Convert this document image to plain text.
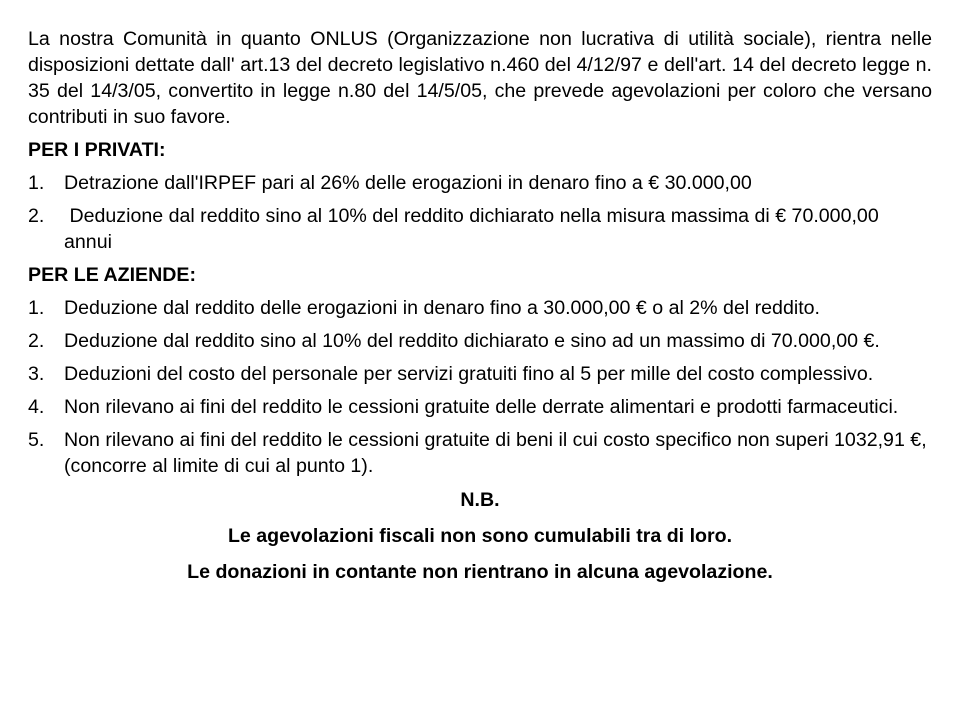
La nostra Comunità in quanto ONLUS (Organizzazione non lucrativa di utilità sociale), rientra nelle disposizioni dettate dall' art.13 del decreto legislativo n.460 del 4/12/97 e dell'art. 14 del decreto legge n. 35 del 14/3/05, convertito in legge n.80 del 14/5/05, che prevede agevolazioni per coloro che versano contributi in suo favore.

PER I PRIVATI:

1. Detrazione dall'IRPEF pari al 26% delle erogazioni in denaro fino a € 30.000,00
2. Deduzione dal reddito sino al 10% del reddito dichiarato nella misura massima di € 70.000,00 annui

PER LE AZIENDE:

1. Deduzione dal reddito delle erogazioni in denaro fino a 30.000,00 € o al 2% del reddito.
2. Deduzione dal reddito sino al 10% del reddito dichiarato e sino ad un massimo di 70.000,00 €.
3. Deduzioni del costo del personale per servizi gratuiti fino al 5 per mille del costo complessivo.
4. Non rilevano ai fini del reddito le cessioni gratuite delle derrate alimentari e prodotti farmaceutici.
5. Non rilevano ai fini del reddito le cessioni gratuite di beni il cui costo specifico non superi 1032,91 €, (concorre al limite di cui al punto 1).

N.B.

Le agevolazioni fiscali non sono cumulabili tra di loro.

Le donazioni in contante non rientrano in alcuna agevolazione.
